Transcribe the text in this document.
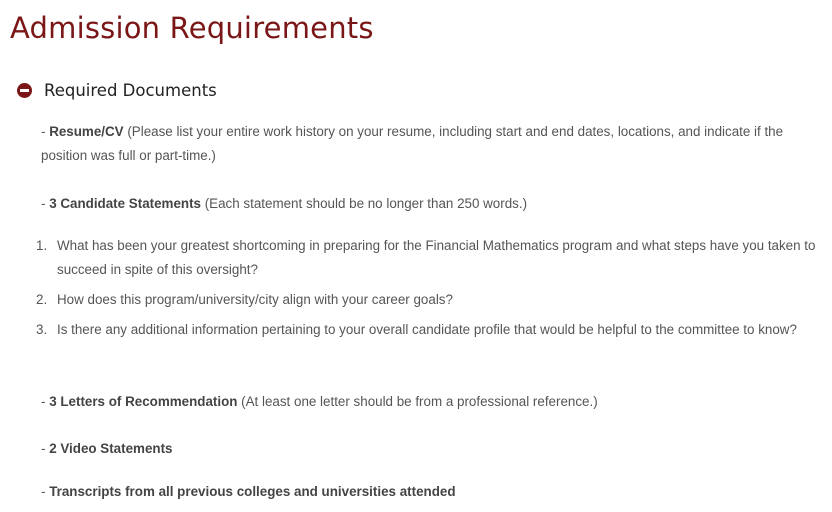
Admission Requirements
Required Documents

- Resume/CV (Please list your entire work history on your resume, including start and end dates, locations, and indicate if the position was full or part-time.)

- 3 Candidate Statements (Each statement should be no longer than 250 words.)

1. What has been your greatest shortcoming in preparing for the Financial Mathematics program and what steps have you taken to succeed in spite of this oversight?
2. How does this program/university/city align with your career goals?
3. Is there any additional information pertaining to your overall candidate profile that would be helpful to the committee to know?

- 3 Letters of Recommendation (At least one letter should be from a professional reference.)

- 2 Video Statements

- Transcripts from all previous colleges and universities attended
